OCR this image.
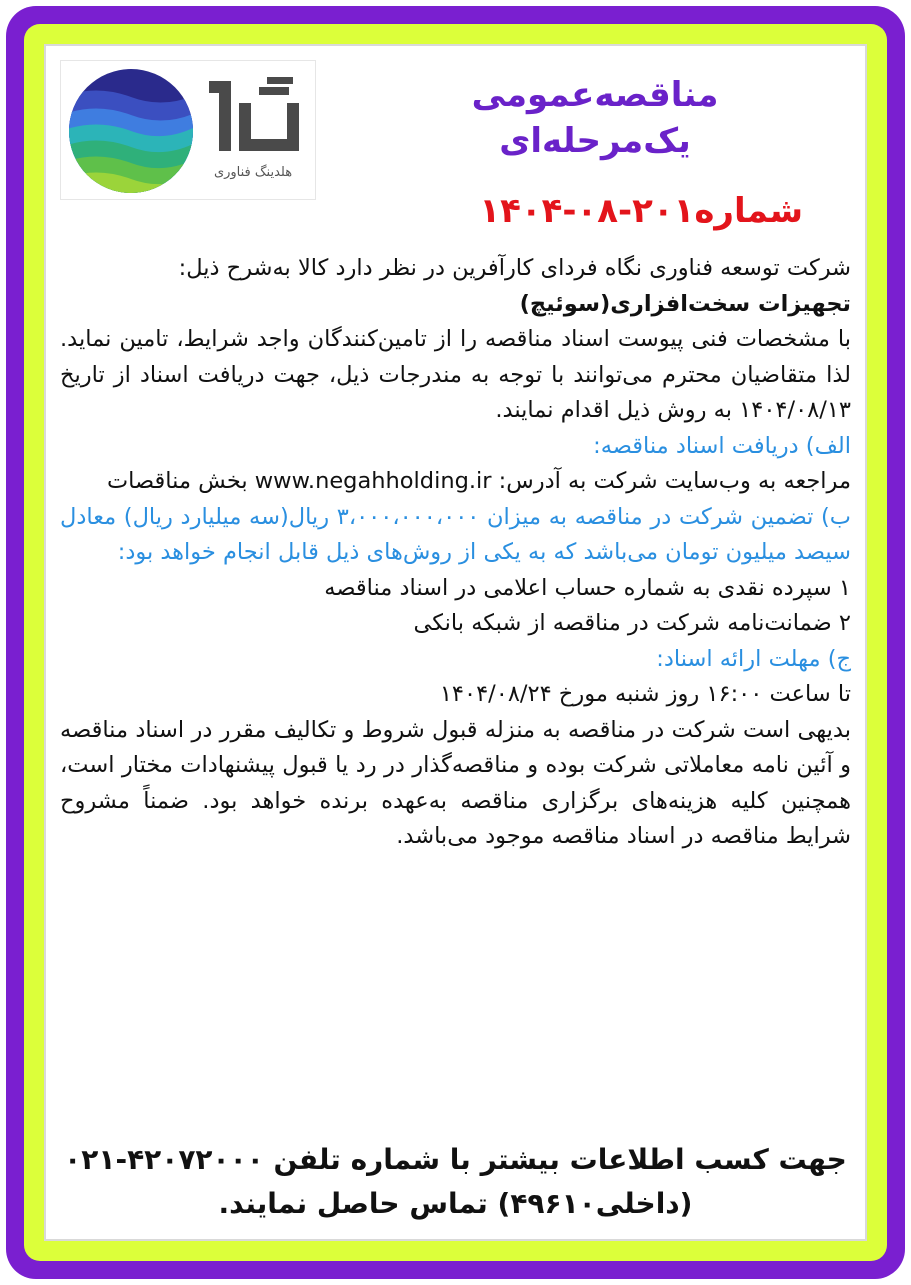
هلدینگ فناوری
مناقصه‌عمومی
یک‌مرحله‌ای
شماره۲۰۱-۰۸-۱۴۰۴

شرکت توسعه فناوری نگاه فردای کارآفرین در نظر دارد کالا به‌شرح ذیل:

تجهیزات سخت‌افزاری(سوئیچ)

با مشخصات فنی پیوست اسناد مناقصه را از تامین‌کنندگان واجد شرایط، تامین نماید. لذا متقاضیان محترم می‌توانند با توجه به مندرجات ذیل، جهت دریافت اسناد از تاریخ ۱۴۰۴/۰۸/۱۳ به روش ذیل اقدام نمایند.

الف) دریافت اسناد مناقصه:

مراجعه به وب‌سایت شرکت به آدرس: www.negahholding.ir بخش مناقصات

ب) تضمین شرکت در مناقصه به میزان ۳،۰۰۰،۰۰۰،۰۰۰ ریال(سه میلیارد ریال) معادل سیصد میلیون تومان می‌باشد که به یکی از روش‌های ذیل قابل انجام خواهد بود:

۱ سپرده نقدی به شماره حساب اعلامی در اسناد مناقصه

۲ ضمانت‌نامه شرکت در مناقصه از شبکه بانکی

ج) مهلت ارائه اسناد:

تا ساعت ۱۶:۰۰ روز شنبه مورخ ۱۴۰۴/۰۸/۲۴

بدیهی است شرکت در مناقصه به منزله قبول شروط و تکالیف مقرر در اسناد مناقصه و آئین نامه معاملاتی شرکت بوده و مناقصه‌گذار در رد یا قبول پیشنهادات مختار است، همچنین کلیه هزینه‌های برگزاری مناقصه به‌عهده برنده خواهد بود. ضمناً مشروح شرایط مناقصه در اسناد مناقصه موجود می‌باشد.

جهت کسب اطلاعات بیشتر با شماره تلفن ۴۲۰۷۲۰۰۰-۰۲۱

(داخلی۴۹۶۱۰) تماس حاصل نمایند.
